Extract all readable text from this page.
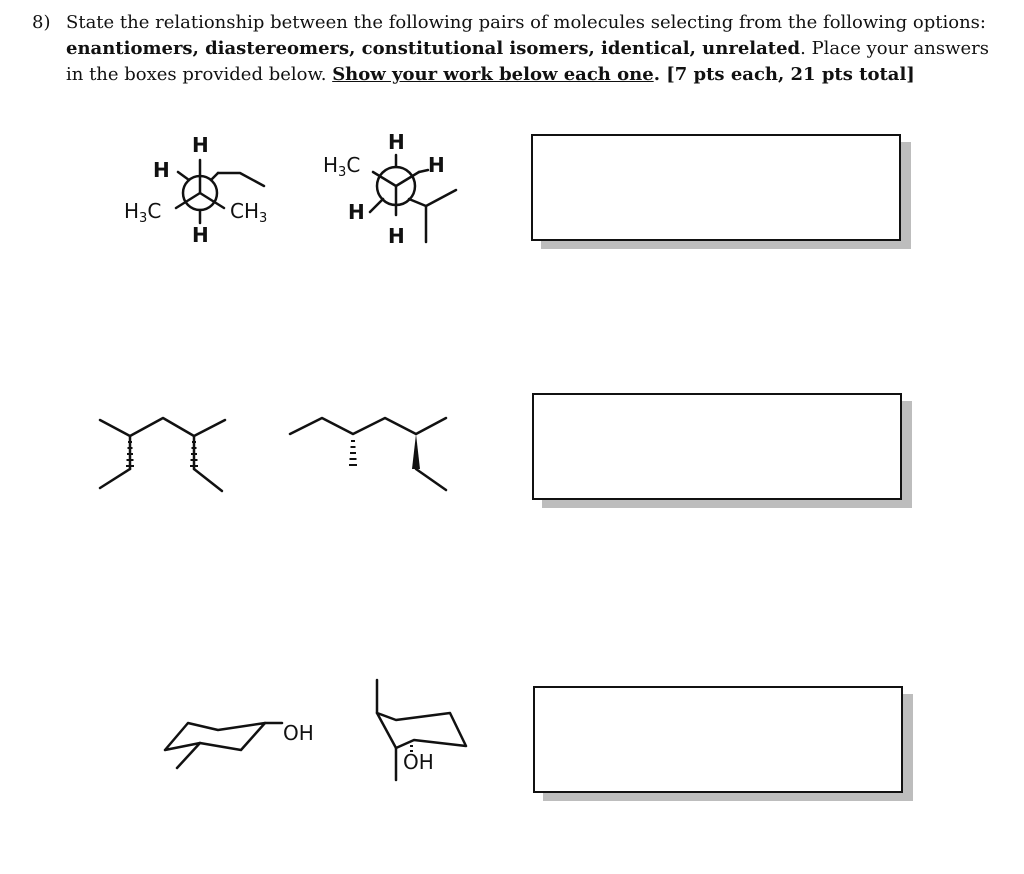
8) State the relationship between the following pairs of molecules selecting from the following options: enantiomers, diastereomers, constitutional isomers, identical, unrelated. Place your answers in the boxes provided below. Show your work below each one. [7 pts each, 21 pts total]
H
H
$H_3C$	$CH_3$
H
H
$H_3C$	H
H
H
OH
OH
